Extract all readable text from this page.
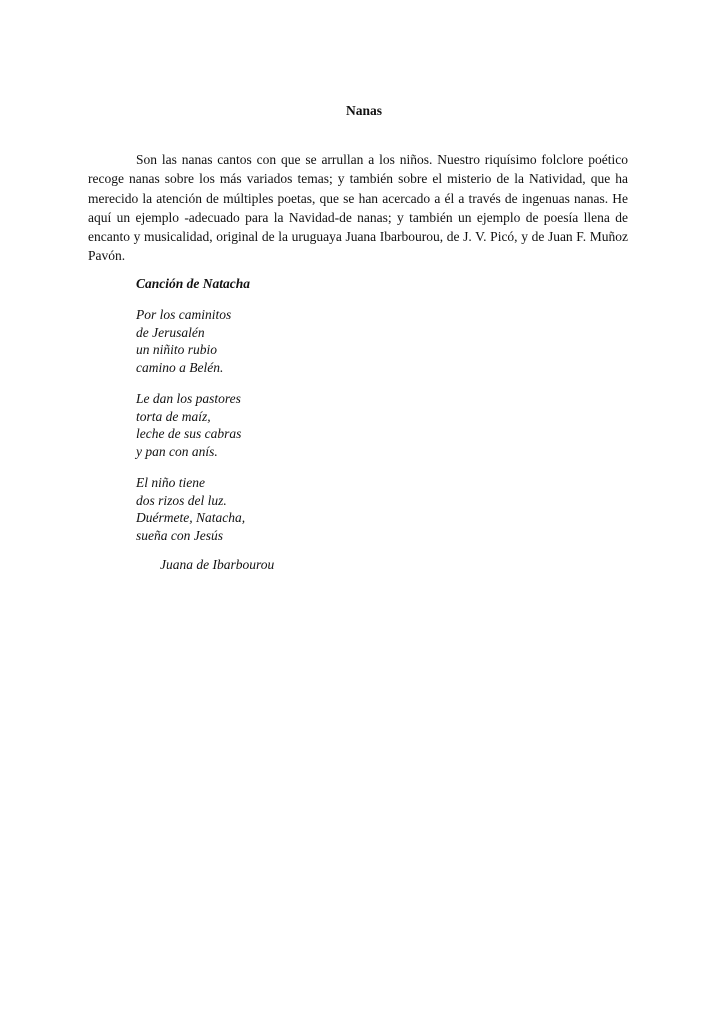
Nanas

Son las nanas cantos con que se arrullan a los niños. Nuestro riquísimo folclore poético recoge nanas sobre los más variados temas; y también sobre el misterio de la Natividad, que ha merecido la atención de múltiples poetas, que se han acercado a él a través de ingenuas nanas. He aquí un ejemplo -adecuado para la Navidad-de nanas; y también un ejemplo de poesía llena de encanto y musicalidad, original de la uruguaya Juana Ibarbourou, de J. V. Picó, y de Juan F. Muñoz Pavón.

Canción de Natacha
Por los caminitos
de Jerusalén
un niñito rubio
camino a Belén.
Le dan los pastores
torta de maíz,
leche de sus cabras
y pan con anís.
El niño tiene
dos rizos del luz.
Duérmete, Natacha,
sueña con Jesús
Juana de Ibarbourou
